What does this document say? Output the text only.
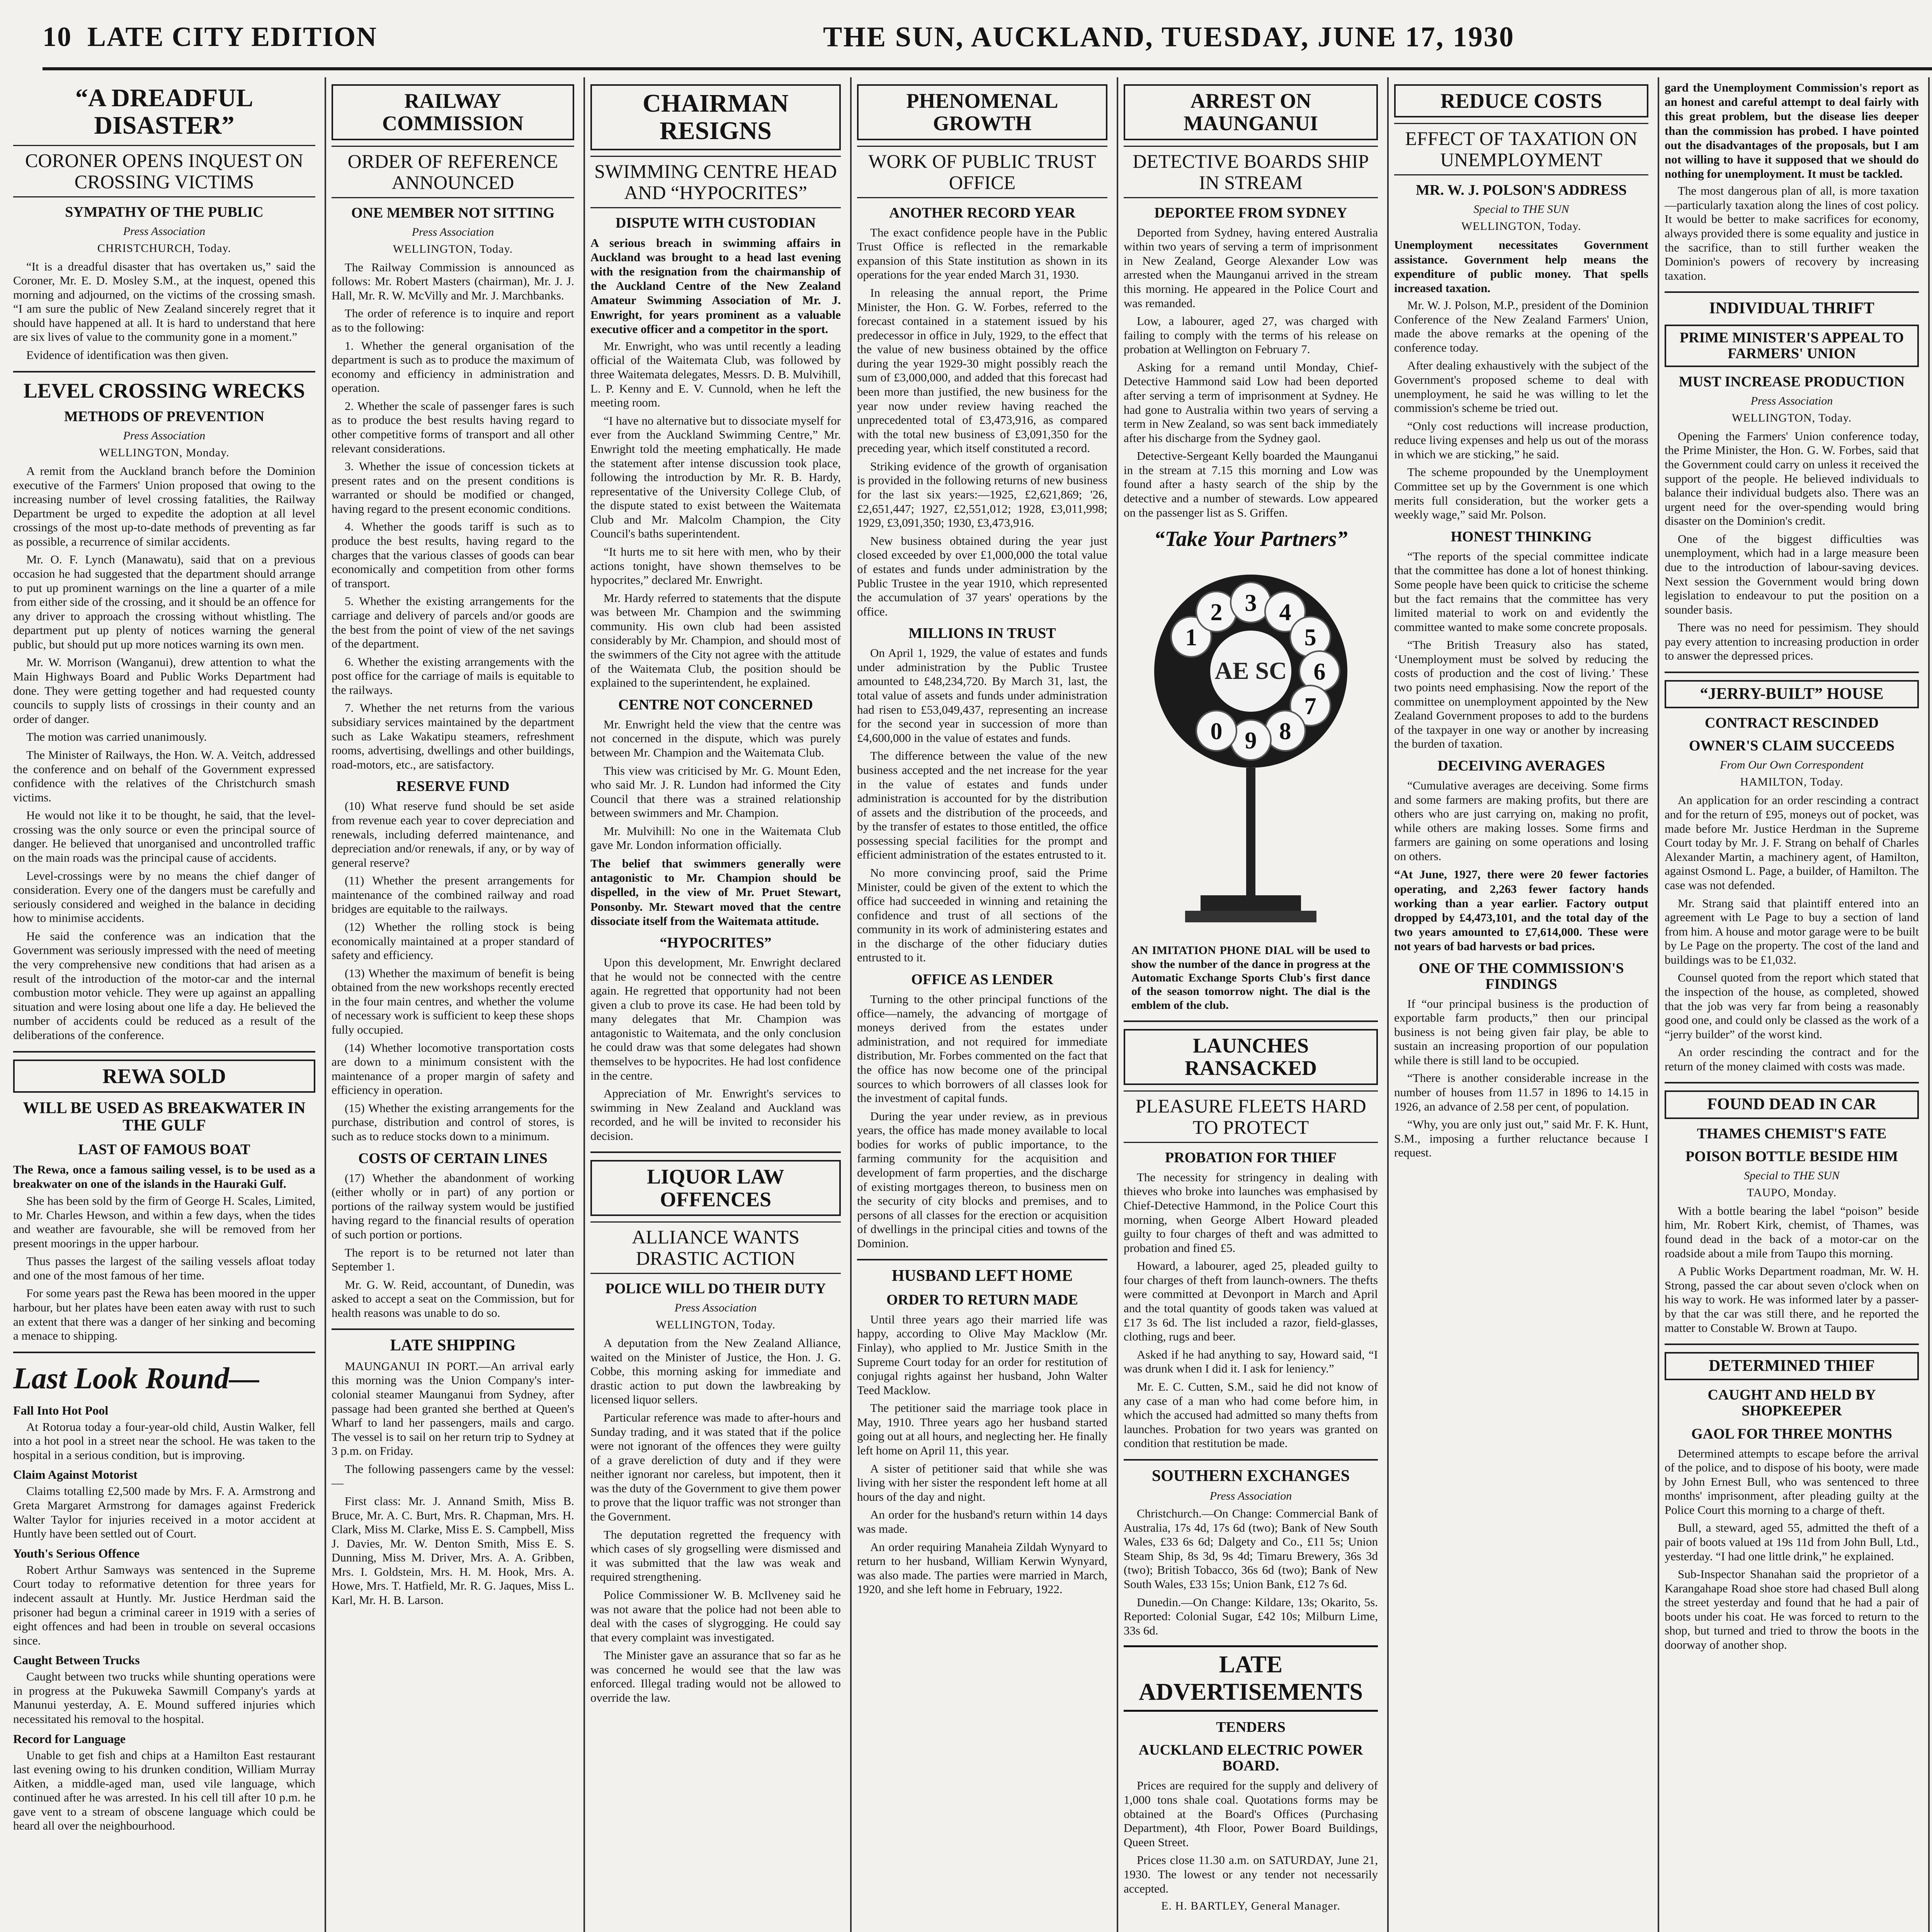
10 LATE CITY EDITION	THE SUN, AUCKLAND, TUESDAY, JUNE 17, 1930
“A DREADFUL DISASTER”
CORONER OPENS INQUEST ON CROSSING VICTIMS
SYMPATHY OF THE PUBLIC
Press Association
CHRISTCHURCH, Today.

“It is a dreadful disaster that has overtaken us,” said the Coroner, Mr. E. D. Mosley S.M., at the inquest, opened this morning and adjourned, on the victims of the crossing smash. “I am sure the public of New Zealand sincerely regret that it should have happened at all. It is hard to understand that here are six lives of value to the community gone in a moment.”

Evidence of identification was then given.

LEVEL CROSSING WRECKS
METHODS OF PREVENTION
Press Association
WELLINGTON, Monday.

A remit from the Auckland branch before the Dominion executive of the Farmers' Union proposed that owing to the increasing number of level crossing fatalities, the Railway Department be urged to expedite the adoption at all level crossings of the most up-to-date methods of preventing as far as possible, a recurrence of similar accidents.

Mr. O. F. Lynch (Manawatu), said that on a previous occasion he had suggested that the department should arrange to put up prominent warnings on the line a quarter of a mile from either side of the crossing, and it should be an offence for any driver to approach the crossing without whistling. The department put up plenty of notices warning the general public, but should put up more notices warning its own men.

Mr. W. Morrison (Wanganui), drew attention to what the Main Highways Board and Public Works Department had done. They were getting together and had requested county councils to supply lists of crossings in their county and an order of danger.

The motion was carried unanimously.

The Minister of Railways, the Hon. W. A. Veitch, addressed the conference and on behalf of the Government expressed confidence with the relatives of the Christchurch smash victims.

He would not like it to be thought, he said, that the level-crossing was the only source or even the principal source of danger. He believed that unorganised and uncontrolled traffic on the main roads was the principal cause of accidents.

Level-crossings were by no means the chief danger of consideration. Every one of the dangers must be carefully and seriously considered and weighed in the balance in deciding how to minimise accidents.

He said the conference was an indication that the Government was seriously impressed with the need of meeting the very comprehensive new conditions that had arisen as a result of the introduction of the motor-car and the internal combustion motor vehicle. They were up against an appalling situation and were losing about one life a day. He believed the number of accidents could be reduced as a result of the deliberations of the conference.

REWA SOLD
WILL BE USED AS BREAKWATER IN THE GULF
LAST OF FAMOUS BOAT

The Rewa, once a famous sailing vessel, is to be used as a breakwater on one of the islands in the Hauraki Gulf.

She has been sold by the firm of George H. Scales, Limited, to Mr. Charles Hewson, and within a few days, when the tides and weather are favourable, she will be removed from her present moorings in the upper harbour.

Thus passes the largest of the sailing vessels afloat today and one of the most famous of her time.

For some years past the Rewa has been moored in the upper harbour, but her plates have been eaten away with rust to such an extent that there was a danger of her sinking and becoming a menace to shipping.

Last Look Round—
Fall Into Hot Pool

At Rotorua today a four-year-old child, Austin Walker, fell into a hot pool in a street near the school. He was taken to the hospital in a serious condition, but is improving.

Claim Against Motorist

Claims totalling £2,500 made by Mrs. F. A. Armstrong and Greta Margaret Armstrong for damages against Frederick Walter Taylor for injuries received in a motor accident at Huntly have been settled out of Court.

Youth's Serious Offence

Robert Arthur Samways was sentenced in the Supreme Court today to reformative detention for three years for indecent assault at Huntly. Mr. Justice Herdman said the prisoner had begun a criminal career in 1919 with a series of eight offences and had been in trouble on several occasions since.

Caught Between Trucks

Caught between two trucks while shunting operations were in progress at the Pukuweka Sawmill Company's yards at Manunui yesterday, A. E. Mound suffered injuries which necessitated his removal to the hospital.

Record for Language

Unable to get fish and chips at a Hamilton East restaurant last evening owing to his drunken condition, William Murray Aitken, a middle-aged man, used vile language, which continued after he was arrested. In his cell till after 10 p.m. he gave vent to a stream of obscene language which could be heard all over the neighbourhood.

RAILWAY COMMISSION
ORDER OF REFERENCE ANNOUNCED
ONE MEMBER NOT SITTING
Press Association
WELLINGTON, Today.

The Railway Commission is announced as follows: Mr. Robert Masters (chairman), Mr. J. J. Hall, Mr. R. W. McVilly and Mr. J. Marchbanks.

The order of reference is to inquire and report as to the following:

1. Whether the general organisation of the department is such as to produce the maximum of economy and efficiency in administration and operation.

2. Whether the scale of passenger fares is such as to produce the best results having regard to other competitive forms of transport and all other relevant considerations.

3. Whether the issue of concession tickets at present rates and on the present conditions is warranted or should be modified or changed, having regard to the present economic conditions.

4. Whether the goods tariff is such as to produce the best results, having regard to the charges that the various classes of goods can bear economically and competition from other forms of transport.

5. Whether the existing arrangements for the carriage and delivery of parcels and/or goods are the best from the point of view of the net savings of the department.

6. Whether the existing arrangements with the post office for the carriage of mails is equitable to the railways.

7. Whether the net returns from the various subsidiary services maintained by the department such as Lake Wakatipu steamers, refreshment rooms, advertising, dwellings and other buildings, road-motors, etc., are satisfactory.

RESERVE FUND

(10) What reserve fund should be set aside from revenue each year to cover depreciation and renewals, including deferred maintenance, and depreciation and/or renewals, if any, or by way of general reserve?

(11) Whether the present arrangements for maintenance of the combined railway and road bridges are equitable to the railways.

(12) Whether the rolling stock is being economically maintained at a proper standard of safety and efficiency.

(13) Whether the maximum of benefit is being obtained from the new workshops recently erected in the four main centres, and whether the volume of necessary work is sufficient to keep these shops fully occupied.

(14) Whether locomotive transportation costs are down to a minimum consistent with the maintenance of a proper margin of safety and efficiency in operation.

(15) Whether the existing arrangements for the purchase, distribution and control of stores, is such as to reduce stocks down to a minimum.

COSTS OF CERTAIN LINES

(17) Whether the abandonment of working (either wholly or in part) of any portion or portions of the railway system would be justified having regard to the financial results of operation of such portion or portions.

The report is to be returned not later than September 1.

Mr. G. W. Reid, accountant, of Dunedin, was asked to accept a seat on the Commission, but for health reasons was unable to do so.

LATE SHIPPING

MAUNGANUI IN PORT.—An arrival early this morning was the Union Company's inter-colonial steamer Maunganui from Sydney, after passage had been granted she berthed at Queen's Wharf to land her passengers, mails and cargo. The vessel is to sail on her return trip to Sydney at 3 p.m. on Friday.

The following passengers came by the vessel:—

First class: Mr. J. Annand Smith, Miss B. Bruce, Mr. A. C. Burt, Mrs. R. Chapman, Mrs. H. Clark, Miss M. Clarke, Miss E. S. Campbell, Miss J. Davies, Mr. W. Denton Smith, Miss E. S. Dunning, Miss M. Driver, Mrs. A. A. Gribben, Mrs. I. Goldstein, Mrs. H. M. Hook, Mrs. A. Howe, Mrs. T. Hatfield, Mr. R. G. Jaques, Miss L. Karl, Mr. H. B. Larson.

CHAIRMAN RESIGNS
SWIMMING CENTRE HEAD AND “HYPOCRITES”
DISPUTE WITH CUSTODIAN

A serious breach in swimming affairs in Auckland was brought to a head last evening with the resignation from the chairmanship of the Auckland Centre of the New Zealand Amateur Swimming Association of Mr. J. Enwright, for years prominent as a valuable executive officer and a competitor in the sport.

Mr. Enwright, who was until recently a leading official of the Waitemata Club, was followed by three Waitemata delegates, Messrs. D. B. Mulvihill, L. P. Kenny and E. V. Cunnold, when he left the meeting room.

“I have no alternative but to dissociate myself for ever from the Auckland Swimming Centre,” Mr. Enwright told the meeting emphatically. He made the statement after intense discussion took place, following the introduction by Mr. R. B. Hardy, representative of the University College Club, of the dispute stated to exist between the Waitemata Club and Mr. Malcolm Champion, the City Council's baths superintendent.

“It hurts me to sit here with men, who by their actions tonight, have shown themselves to be hypocrites,” declared Mr. Enwright.

Mr. Hardy referred to statements that the dispute was between Mr. Champion and the swimming community. His own club had been assisted considerably by Mr. Champion, and should most of the swimmers of the City not agree with the attitude of the Waitemata Club, the position should be explained to the superintendent, he explained.

CENTRE NOT CONCERNED

Mr. Enwright held the view that the centre was not concerned in the dispute, which was purely between Mr. Champion and the Waitemata Club.

This view was criticised by Mr. G. Mount Eden, who said Mr. J. R. Lundon had informed the City Council that there was a strained relationship between swimmers and Mr. Champion.

Mr. Mulvihill: No one in the Waitemata Club gave Mr. London information officially.

The belief that swimmers generally were antagonistic to Mr. Champion should be dispelled, in the view of Mr. Pruet Stewart, Ponsonby. Mr. Stewart moved that the centre dissociate itself from the Waitemata attitude.

“HYPOCRITES”

Upon this development, Mr. Enwright declared that he would not be connected with the centre again. He regretted that opportunity had not been given a club to prove its case. He had been told by many delegates that Mr. Champion was antagonistic to Waitemata, and the only conclusion he could draw was that some delegates had shown themselves to be hypocrites. He had lost confidence in the centre.

Appreciation of Mr. Enwright's services to swimming in New Zealand and Auckland was recorded, and he will be invited to reconsider his decision.

LIQUOR LAW OFFENCES
ALLIANCE WANTS DRASTIC ACTION
POLICE WILL DO THEIR DUTY
Press Association
WELLINGTON, Today.

A deputation from the New Zealand Alliance, waited on the Minister of Justice, the Hon. J. G. Cobbe, this morning asking for immediate and drastic action to put down the lawbreaking by licensed liquor sellers.

Particular reference was made to after-hours and Sunday trading, and it was stated that if the police were not ignorant of the offences they were guilty of a grave dereliction of duty and if they were neither ignorant nor careless, but impotent, then it was the duty of the Government to give them power to prove that the liquor traffic was not stronger than the Government.

The deputation regretted the frequency with which cases of sly grogselling were dismissed and it was submitted that the law was weak and required strengthening.

Police Commissioner W. B. McIlveney said he was not aware that the police had not been able to deal with the cases of slygrogging. He could say that every complaint was investigated.

The Minister gave an assurance that so far as he was concerned he would see that the law was enforced. Illegal trading would not be allowed to override the law.

PHENOMENAL GROWTH
WORK OF PUBLIC TRUST OFFICE
ANOTHER RECORD YEAR

The exact confidence people have in the Public Trust Office is reflected in the remarkable expansion of this State institution as shown in its operations for the year ended March 31, 1930.

In releasing the annual report, the Prime Minister, the Hon. G. W. Forbes, referred to the forecast contained in a statement issued by his predecessor in office in July, 1929, to the effect that the value of new business obtained by the office during the year 1929-30 might possibly reach the sum of £3,000,000, and added that this forecast had been more than justified, the new business for the year now under review having reached the unprecedented total of £3,473,916, as compared with the total new business of £3,091,350 for the preceding year, which itself constituted a record.

Striking evidence of the growth of organisation is provided in the following returns of new business for the last six years:—1925, £2,621,869; '26, £2,651,447; 1927, £2,551,012; 1928, £3,011,998; 1929, £3,091,350; 1930, £3,473,916.

New business obtained during the year just closed exceeded by over £1,000,000 the total value of estates and funds under administration by the Public Trustee in the year 1910, which represented the accumulation of 37 years' operations by the office.

MILLIONS IN TRUST

On April 1, 1929, the value of estates and funds under administration by the Public Trustee amounted to £48,234,720. By March 31, last, the total value of assets and funds under administration had risen to £53,049,437, representing an increase for the second year in succession of more than £4,600,000 in the value of estates and funds.

The difference between the value of the new business accepted and the net increase for the year in the value of estates and funds under administration is accounted for by the distribution of assets and the distribution of the proceeds, and by the transfer of estates to those entitled, the office possessing special facilities for the prompt and efficient administration of the estates entrusted to it.

No more convincing proof, said the Prime Minister, could be given of the extent to which the office had succeeded in winning and retaining the confidence and trust of all sections of the community in its work of administering estates and in the discharge of the other fiduciary duties entrusted to it.

OFFICE AS LENDER

Turning to the other principal functions of the office—namely, the advancing of mortgage of moneys derived from the estates under administration, and not required for immediate distribution, Mr. Forbes commented on the fact that the office has now become one of the principal sources to which borrowers of all classes look for the investment of capital funds.

During the year under review, as in previous years, the office has made money available to local bodies for works of public importance, to the farming community for the acquisition and development of farm properties, and the discharge of existing mortgages thereon, to business men on the security of city blocks and premises, and to persons of all classes for the erection or acquisition of dwellings in the principal cities and towns of the Dominion.

HUSBAND LEFT HOME
ORDER TO RETURN MADE

Until three years ago their married life was happy, according to Olive May Macklow (Mr. Finlay), who applied to Mr. Justice Smith in the Supreme Court today for an order for restitution of conjugal rights against her husband, John Walter Teed Macklow.

The petitioner said the marriage took place in May, 1910. Three years ago her husband started going out at all hours, and neglecting her. He finally left home on April 11, this year.

A sister of petitioner said that while she was living with her sister the respondent left home at all hours of the day and night.

An order for the husband's return within 14 days was made.

An order requiring Manaheia Zildah Wynyard to return to her husband, William Kerwin Wynyard, was also made. The parties were married in March, 1920, and she left home in February, 1922.

ARREST ON MAUNGANUI
DETECTIVE BOARDS SHIP IN STREAM
DEPORTEE FROM SYDNEY

Deported from Sydney, having entered Australia within two years of serving a term of imprisonment in New Zealand, George Alexander Low was arrested when the Maunganui arrived in the stream this morning. He appeared in the Police Court and was remanded.

Low, a labourer, aged 27, was charged with failing to comply with the terms of his release on probation at Wellington on February 7.

Asking for a remand until Monday, Chief-Detective Hammond said Low had been deported after serving a term of imprisonment at Sydney. He had gone to Australia within two years of serving a term in New Zealand, so was sent back immediately after his discharge from the Sydney gaol.

Detective-Sergeant Kelly boarded the Maunganui in the stream at 7.15 this morning and Low was found after a hasty search of the ship by the detective and a number of stewards. Low appeared on the passenger list as S. Griffen.

“Take Your Partners”
1
2 3 4
5
6
7
8
9
0
AE SC
AN IMITATION PHONE DIAL will be used to show the number of the dance in progress at the Automatic Exchange Sports Club's first dance of the season tomorrow night. The dial is the emblem of the club.
LAUNCHES RANSACKED
PLEASURE FLEETS HARD TO PROTECT
PROBATION FOR THIEF

The necessity for stringency in dealing with thieves who broke into launches was emphasised by Chief-Detective Hammond, in the Police Court this morning, when George Albert Howard pleaded guilty to four charges of theft and was admitted to probation and fined £5.

Howard, a labourer, aged 25, pleaded guilty to four charges of theft from launch-owners. The thefts were committed at Devonport in March and April and the total quantity of goods taken was valued at £17 3s 6d. The list included a razor, field-glasses, clothing, rugs and beer.

Asked if he had anything to say, Howard said, “I was drunk when I did it. I ask for leniency.”

Mr. E. C. Cutten, S.M., said he did not know of any case of a man who had come before him, in which the accused had admitted so many thefts from launches. Probation for two years was granted on condition that restitution be made.

SOUTHERN EXCHANGES
Press Association

Christchurch.—On Change: Commercial Bank of Australia, 17s 4d, 17s 6d (two); Bank of New South Wales, £33 6s 6d; Dalgety and Co., £11 5s; Union Steam Ship, 8s 3d, 9s 4d; Timaru Brewery, 36s 3d (two); British Tobacco, 36s 6d (two); Bank of New South Wales, £33 15s; Union Bank, £12 7s 6d.

Dunedin.—On Change: Kildare, 13s; Okarito, 5s. Reported: Colonial Sugar, £42 10s; Milburn Lime, 33s 6d.

LATE ADVERTISEMENTS
TENDERS
AUCKLAND ELECTRIC POWER BOARD.

Prices are required for the supply and delivery of 1,000 tons shale coal. Quotations forms may be obtained at the Board's Offices (Purchasing Department), 4th Floor, Power Board Buildings, Queen Street.

Prices close 11.30 a.m. on SATURDAY, June 21, 1930. The lowest or any tender not necessarily accepted.

E. H. BARTLEY, General Manager.
REDUCE COSTS
EFFECT OF TAXATION ON UNEMPLOYMENT
MR. W. J. POLSON'S ADDRESS
Special to THE SUN
WELLINGTON, Today.

Unemployment necessitates Government assistance. Government help means the expenditure of public money. That spells increased taxation.

Mr. W. J. Polson, M.P., president of the Dominion Conference of the New Zealand Farmers' Union, made the above remarks at the opening of the conference today.

After dealing exhaustively with the subject of the Government's proposed scheme to deal with unemployment, he said he was willing to let the commission's scheme be tried out.

“Only cost reductions will increase production, reduce living expenses and help us out of the morass in which we are sticking,” he said.

The scheme propounded by the Unemployment Committee set up by the Government is one which merits full consideration, but the worker gets a weekly wage,” said Mr. Polson.

HONEST THINKING

“The reports of the special committee indicate that the committee has done a lot of honest thinking. Some people have been quick to criticise the scheme but the fact remains that the committee has very limited material to work on and evidently the committee wanted to make some concrete proposals.

“The British Treasury also has stated, ‘Unemployment must be solved by reducing the costs of production and the cost of living.’ These two points need emphasising. Now the report of the committee on unemployment appointed by the New Zealand Government proposes to add to the burdens of the taxpayer in one way or another by increasing the burden of taxation.

DECEIVING AVERAGES

“Cumulative averages are deceiving. Some firms and some farmers are making profits, but there are others who are just carrying on, making no profit, while others are making losses. Some firms and farmers are gaining on some operations and losing on others.

“At June, 1927, there were 20 fewer factories operating, and 2,263 fewer factory hands working than a year earlier. Factory output dropped by £4,473,101, and the total day of the two years amounted to £7,614,000. These were not years of bad harvests or bad prices.

ONE OF THE COMMISSION'S FINDINGS

If “our principal business is the production of exportable farm products,” then our principal business is not being given fair play, be able to sustain an increasing proportion of our population while there is still land to be occupied.

“There is another considerable increase in the number of houses from 11.57 in 1896 to 14.15 in 1926, an advance of 2.58 per cent, of population.

“Why, you are only just out,” said Mr. F. K. Hunt, S.M., imposing a further reluctance because I request.

gard the Unemployment Commission's report as an honest and careful attempt to deal fairly with this great problem, but the disease lies deeper than the commission has probed. I have pointed out the disadvantages of the proposals, but I am not willing to have it supposed that we should do nothing for unemployment. It must be tackled.

The most dangerous plan of all, is more taxation—particularly taxation along the lines of cost policy. It would be better to make sacrifices for economy, always provided there is some equality and justice in the sacrifice, than to still further weaken the Dominion's powers of recovery by increasing taxation.

INDIVIDUAL THRIFT
PRIME MINISTER'S APPEAL TO FARMERS' UNION
MUST INCREASE PRODUCTION
Press Association
WELLINGTON, Today.

Opening the Farmers' Union conference today, the Prime Minister, the Hon. G. W. Forbes, said that the Government could carry on unless it received the support of the people. He believed individuals to balance their individual budgets also. There was an urgent need for the over-spending would bring disaster on the Dominion's credit.

One of the biggest difficulties was unemployment, which had in a large measure been due to the introduction of labour-saving devices. Next session the Government would bring down legislation to endeavour to put the position on a sounder basis.

There was no need for pessimism. They should pay every attention to increasing production in order to answer the depressed prices.

“JERRY-BUILT” HOUSE
CONTRACT RESCINDED
OWNER'S CLAIM SUCCEEDS
From Our Own Correspondent
HAMILTON, Today.

An application for an order rescinding a contract and for the return of £95, moneys out of pocket, was made before Mr. Justice Herdman in the Supreme Court today by Mr. J. F. Strang on behalf of Charles Alexander Martin, a machinery agent, of Hamilton, against Osmond L. Page, a builder, of Hamilton. The case was not defended.

Mr. Strang said that plaintiff entered into an agreement with Le Page to buy a section of land from him. A house and motor garage were to be built by Le Page on the property. The cost of the land and buildings was to be £1,032.

Counsel quoted from the report which stated that the inspection of the house, as completed, showed that the job was very far from being a reasonably good one, and could only be classed as the work of a “jerry builder” of the worst kind.

An order rescinding the contract and for the return of the money claimed with costs was made.

FOUND DEAD IN CAR
THAMES CHEMIST'S FATE
POISON BOTTLE BESIDE HIM
Special to THE SUN
TAUPO, Monday.

With a bottle bearing the label “poison” beside him, Mr. Robert Kirk, chemist, of Thames, was found dead in the back of a motor-car on the roadside about a mile from Taupo this morning.

A Public Works Department roadman, Mr. W. H. Strong, passed the car about seven o'clock when on his way to work. He was informed later by a passer-by that the car was still there, and he reported the matter to Constable W. Brown at Taupo.

DETERMINED THIEF
CAUGHT AND HELD BY SHOPKEEPER
GAOL FOR THREE MONTHS

Determined attempts to escape before the arrival of the police, and to dispose of his booty, were made by John Ernest Bull, who was sentenced to three months' imprisonment, after pleading guilty at the Police Court this morning to a charge of theft.

Bull, a steward, aged 55, admitted the theft of a pair of boots valued at 19s 11d from John Bull, Ltd., yesterday. “I had one little drink,” he explained.

Sub-Inspector Shanahan said the proprietor of a Karangahape Road shoe store had chased Bull along the street yesterday and found that he had a pair of boots under his coat. He was forced to return to the shop, but turned and tried to throw the boots in the doorway of another shop.
